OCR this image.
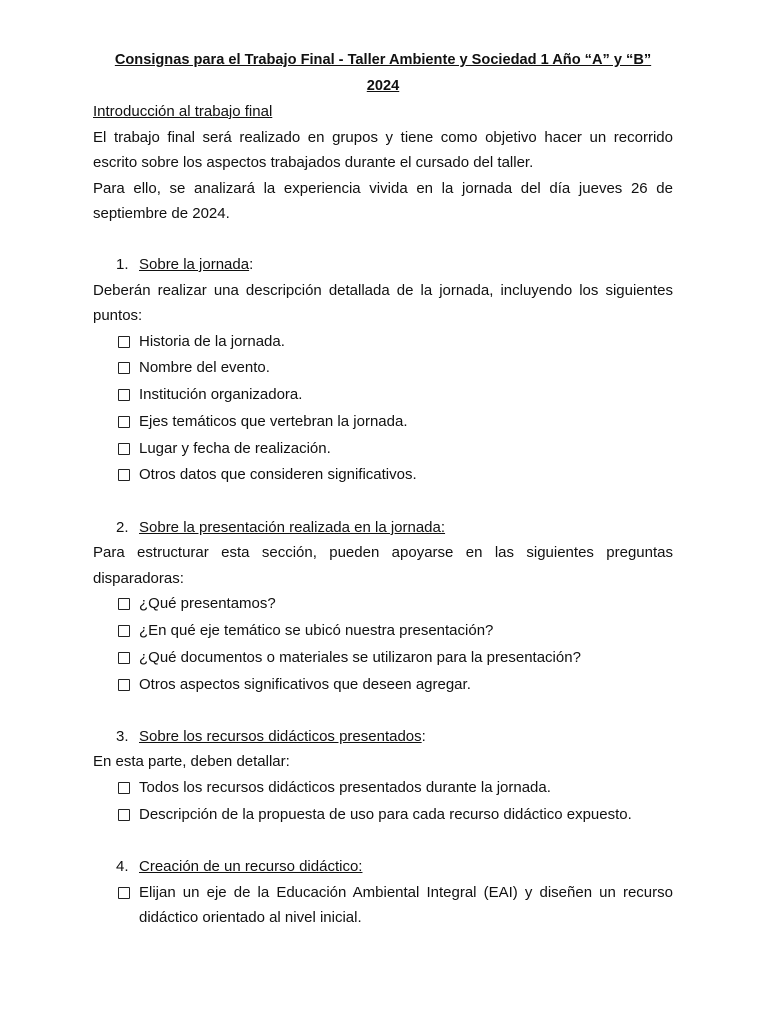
Consignas para el Trabajo Final - Taller Ambiente y Sociedad 1 Año “A” y “B”

2024

Introducción al trabajo final

El trabajo final será realizado en grupos y tiene como objetivo hacer un recorrido escrito sobre los aspectos trabajados durante el cursado del taller.

Para ello, se analizará la experiencia vivida en la jornada del día jueves 26 de septiembre de 2024.

1. Sobre la jornada:

Deberán realizar una descripción detallada de la jornada, incluyendo los siguientes puntos:

Historia de la jornada.
Nombre del evento.
Institución organizadora.
Ejes temáticos que vertebran la jornada.
Lugar y fecha de realización.
Otros datos que consideren significativos.

2. Sobre la presentación realizada en la jornada:

Para estructurar esta sección, pueden apoyarse en las siguientes preguntas disparadoras:

¿Qué presentamos?
¿En qué eje temático se ubicó nuestra presentación?
¿Qué documentos o materiales se utilizaron para la presentación?
Otros aspectos significativos que deseen agregar.

3. Sobre los recursos didácticos presentados:

En esta parte, deben detallar:

Todos los recursos didácticos presentados durante la jornada.
Descripción de la propuesta de uso para cada recurso didáctico expuesto.

4. Creación de un recurso didáctico:

Elijan un eje de la Educación Ambiental Integral (EAI) y diseñen un recurso didáctico orientado al nivel inicial.
